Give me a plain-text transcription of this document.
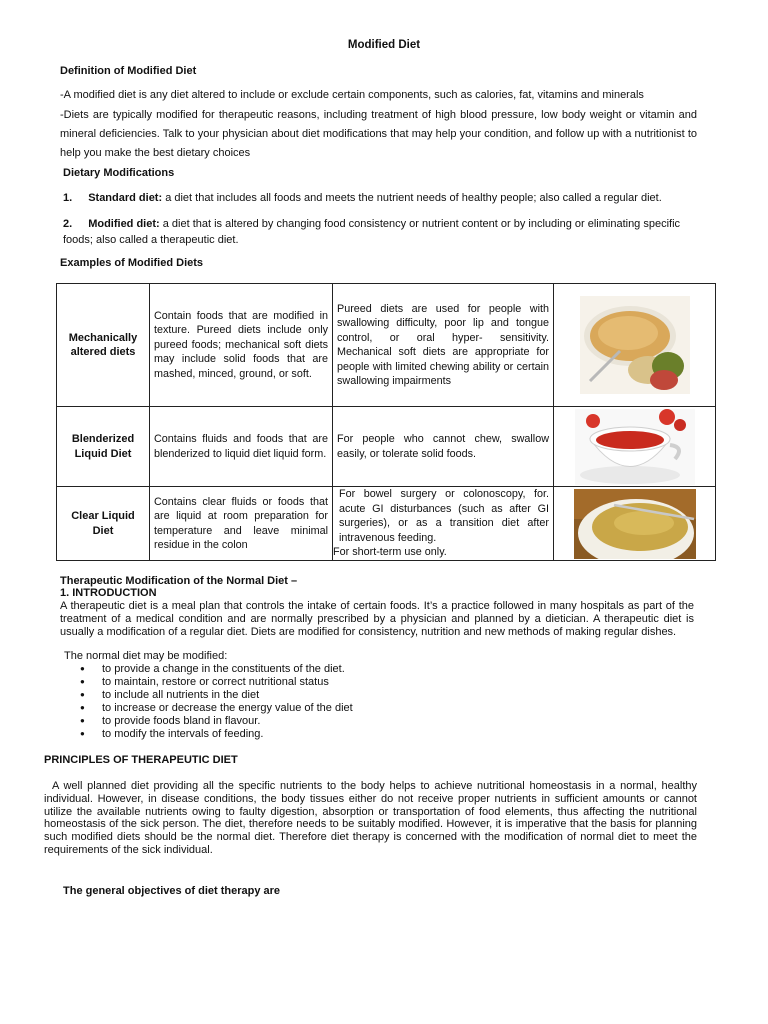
Modified Diet

Definition of Modified Diet

-A modified diet is any diet altered to include or exclude certain components, such as calories, fat, vitamins and minerals

-Diets are typically modified for therapeutic reasons, including treatment of high blood pressure, low body weight or vitamin and mineral deficiencies. Talk to your physician about diet modifications that may help your condition, and follow up with a nutritionist to help you make the best dietary choices

Dietary Modifications

1. Standard diet: a diet that includes all foods and meets the nutrient needs of healthy people; also called a regular diet.
2. Modified diet: a diet that is altered by changing food consistency or nutrient content or by including or eliminating specific foods; also called a therapeutic diet.

Examples of Modified Diets

Mechanically altered diets	Contain foods that are modified in texture. Pureed diets include only pureed foods; mechanical soft diets may include solid foods that are mashed, minced, ground, or soft.	Pureed diets are used for people with swallowing difficulty, poor lip and tongue control, or oral hyper- sensitivity. Mechanical soft diets are appropriate for people with limited chewing ability or certain swallowing impairments	

Blenderized Liquid Diet	Contains fluids and foods that are blenderized to liquid diet liquid form.	For people who cannot chew, swallow easily, or tolerate solid foods.	

Clear Liquid Diet	Contains clear fluids or foods that are liquid at room preparation for temperature and leave minimal residue in the colon	For bowel surgery or colonoscopy, for. acute GI disturbances (such as after GI surgeries), or as a transition diet after intravenous feeding.
For short-term use only.

Therapeutic Modification of the Normal Diet –

1. INTRODUCTION

A therapeutic diet is a meal plan that controls the intake of certain foods. It’s a practice followed in many hospitals as part of the treatment of a medical condition and are normally prescribed by a physician and planned by a dietician. A therapeutic diet is usually a modification of a regular diet. Diets are modified for consistency, nutrition and new methods of making regular dishes.

The normal diet may be modified:

● to provide a change in the constituents of the diet.
● to maintain, restore or correct nutritional status
● to include all nutrients in the diet
● to increase or decrease the energy value of the diet
● to provide foods bland in flavour.
● to modify the intervals of feeding.

PRINCIPLES OF THERAPEUTIC DIET

A well planned diet providing all the specific nutrients to the body helps to achieve nutritional homeostasis in a normal, healthy individual. However, in disease conditions, the body tissues either do not receive proper nutrients in sufficient amounts or cannot utilize the available nutrients owing to faulty digestion, absorption or transportation of food elements, thus affecting the nutritional homeostasis of the sick person. The diet, therefore needs to be suitably modified. However, it is imperative that the basis for planning such modified diets should be the normal diet. Therefore diet therapy is concerned with the modification of normal diet to meet the requirements of the sick individual.

The general objectives of diet therapy are
